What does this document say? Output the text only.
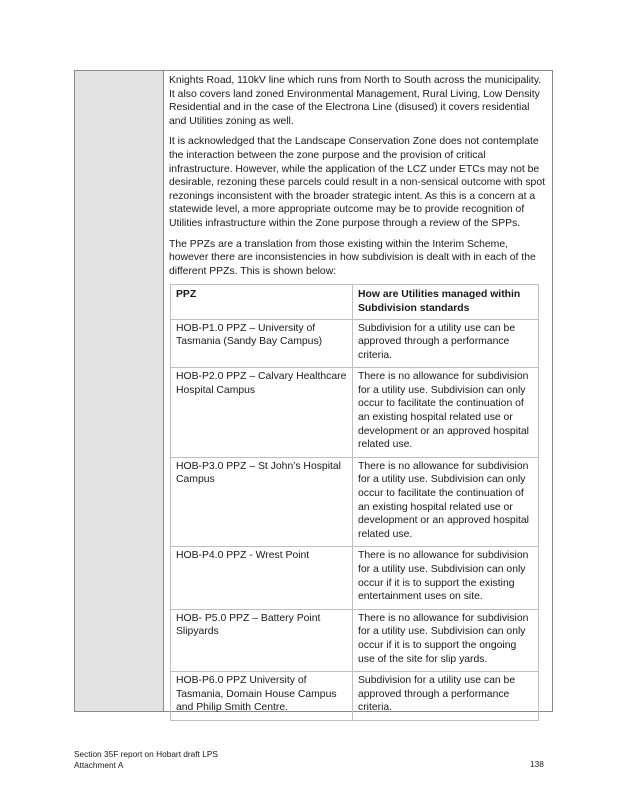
Knights Road, 110kV line which runs from North to South across the municipality. It also covers land zoned Environmental Management, Rural Living, Low Density Residential and in the case of the Electrona Line (disused) it covers residential and Utilities zoning as well.

It is acknowledged that the Landscape Conservation Zone does not contemplate the interaction between the zone purpose and the provision of critical infrastructure. However, while the application of the LCZ under ETCs may not be desirable, rezoning these parcels could result in a non-sensical outcome with spot rezonings inconsistent with the broader strategic intent. As this is a concern at a statewide level, a more appropriate outcome may be to provide recognition of Utilities infrastructure within the Zone purpose through a review of the SPPs.

The PPZs are a translation from those existing within the Interim Scheme, however there are inconsistencies in how subdivision is dealt with in each of the different PPZs. This is shown below:

PPZ	How are Utilities managed within Subdivision standards
HOB-P1.0 PPZ – University of Tasmania (Sandy Bay Campus)	Subdivision for a utility use can be approved through a performance criteria.
HOB-P2.0 PPZ – Calvary Healthcare Hospital Campus	There is no allowance for subdivision for a utility use. Subdivision can only occur to facilitate the continuation of an existing hospital related use or development or an approved hospital related use.
HOB-P3.0 PPZ – St John’s Hospital Campus	There is no allowance for subdivision for a utility use. Subdivision can only occur to facilitate the continuation of an existing hospital related use or development or an approved hospital related use.
HOB-P4.0 PPZ - Wrest Point	There is no allowance for subdivision for a utility use. Subdivision can only occur if it is to support the existing entertainment uses on site.
HOB- P5.0 PPZ – Battery Point Slipyards	There is no allowance for subdivision for a utility use. Subdivision can only occur if it is to support the ongoing use of the site for slip yards.
HOB-P6.0 PPZ University of Tasmania, Domain House Campus and Philip Smith Centre.	Subdivision for a utility use can be approved through a performance criteria.
Section 35F report on Hobart draft LPS
Attachment A	138
